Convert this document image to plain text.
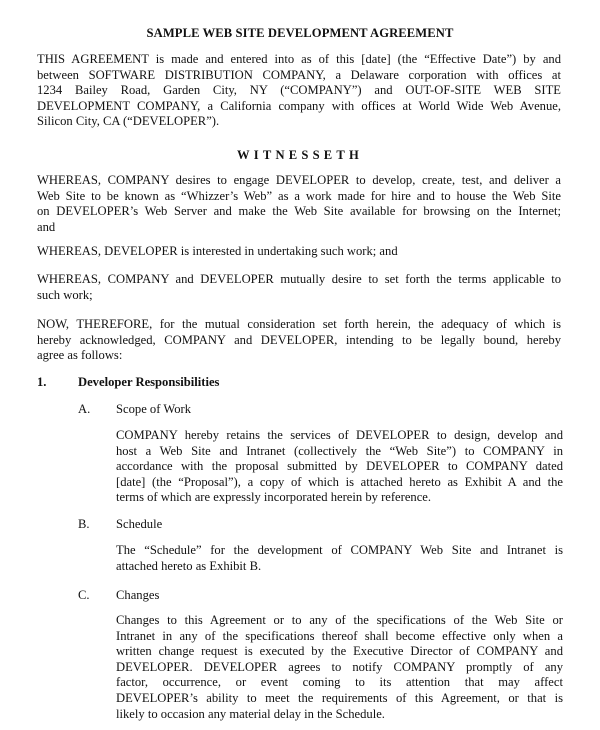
SAMPLE WEB SITE DEVELOPMENT AGREEMENT
THIS AGREEMENT is made and entered into as of this [date] (the “Effective Date”) by and
between SOFTWARE DISTRIBUTION COMPANY, a Delaware corporation with offices at
1234 Bailey Road, Garden City, NY (“COMPANY”) and OUT-OF-SITE WEB SITE
DEVELOPMENT COMPANY, a California company with offices at World Wide Web Avenue,
Silicon City, CA (“DEVELOPER”).
WITNESSETH
WHEREAS, COMPANY desires to engage DEVELOPER to develop, create, test, and deliver a
Web Site to be known as “Whizzer’s Web” as a work made for hire and to house the Web Site
on DEVELOPER’s Web Server and make the Web Site available for browsing on the Internet;
and
WHEREAS, DEVELOPER is interested in undertaking such work; and
WHEREAS, COMPANY and DEVELOPER mutually desire to set forth the terms applicable to
such work;
NOW, THEREFORE, for the mutual consideration set forth herein, the adequacy of which is
hereby acknowledged, COMPANY and DEVELOPER, intending to be legally bound, hereby
agree as follows:
1.	Developer Responsibilities
A. Scope of Work
COMPANY hereby retains the services of DEVELOPER to design, develop and
host a Web Site and Intranet (collectively the “Web Site”) to COMPANY in
accordance with the proposal submitted by DEVELOPER to COMPANY dated
[date] (the “Proposal”), a copy of which is attached hereto as Exhibit A and the
terms of which are expressly incorporated herein by reference.
B. Schedule
The “Schedule” for the development of COMPANY Web Site and Intranet is
attached hereto as Exhibit B.
C. Changes
Changes to this Agreement or to any of the specifications of the Web Site or
Intranet in any of the specifications thereof shall become effective only when a
written change request is executed by the Executive Director of COMPANY and
DEVELOPER. DEVELOPER agrees to notify COMPANY promptly of any
factor, occurrence, or event coming to its attention that may affect
DEVELOPER’s ability to meet the requirements of this Agreement, or that is
likely to occasion any material delay in the Schedule.
